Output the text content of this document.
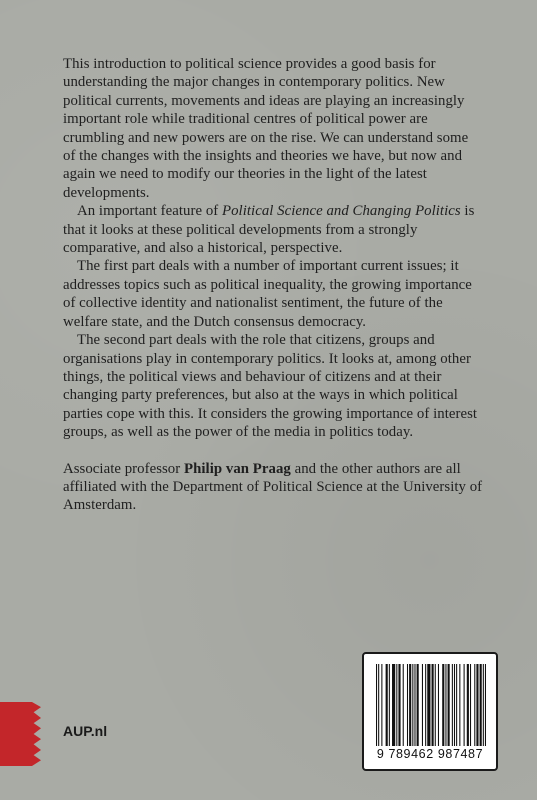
This introduction to political science provides a good basis for understanding the major changes in contemporary politics. New political currents, movements and ideas are playing an increasingly important role while traditional centres of political power are crumbling and new powers are on the rise. We can understand some of the changes with the insights and theories we have, but now and again we need to modify our theories in the light of the latest developments.

An important feature of Political Science and Changing Politics is that it looks at these political developments from a strongly comparative, and also a historical, perspective.

The first part deals with a number of important current issues; it addresses topics such as political inequality, the growing importance of collective identity and nationalist sentiment, the future of the welfare state, and the Dutch consensus democracy.

The second part deals with the role that citizens, groups and organisations play in contemporary politics. It looks at, among other things, the political views and behaviour of citizens and at their changing party preferences, but also at the ways in which political parties cope with this. It considers the growing importance of interest groups, as well as the power of the media in politics today.

Associate professor Philip van Praag and the other authors are all affiliated with the Department of Political Science at the University of Amsterdam.

AUP.nl
9 789462 987487
